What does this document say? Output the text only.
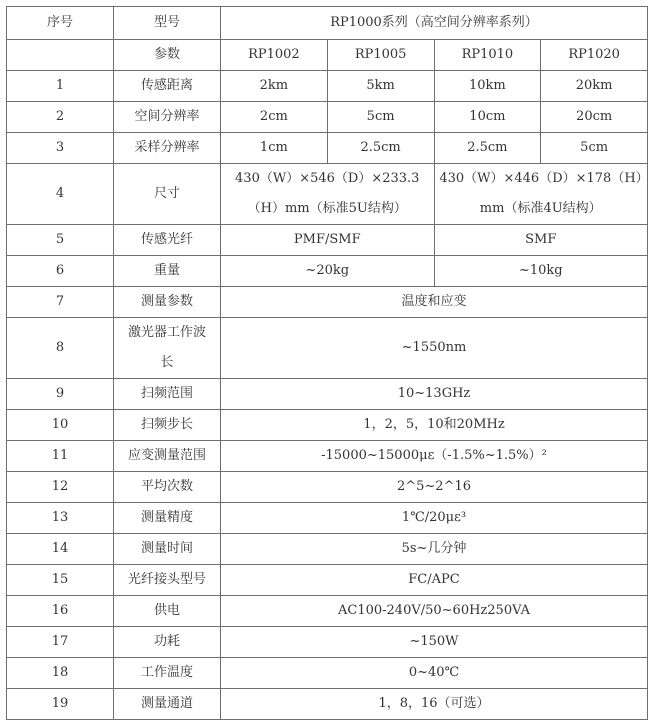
序号	型号	RP1000系列（高空间分辨率系列）			
	参数	RP1002	RP1005	RP1010	RP1020
1	传感距离	2km	5km	10km	20km
2	空间分辨率	2cm	5cm	10cm	20cm
3	采样分辨率	1cm	2.5cm	2.5cm	5cm
4	尺寸	430（W）×546（D）×233.3（H）mm（标准5U结构）		430（W）×446（D）×178（H）mm（标准4U结构）	
5	传感光纤	PMF/SMF		SMF	
6	重量	~20kg		~10kg	
7	测量参数	温度和应变			
8	激光器工作波长	~1550nm			
9	扫频范围	10~13GHz			
10	扫频步长	1，2，5，10和20MHz			
11	应变测量范围	-15000~15000με（-1.5%~1.5%）²			
12	平均次数	2^5~2^16			
13	测量精度	1℃/20με³			
14	测量时间	5s~几分钟			
15	光纤接头型号	FC/APC			
16	供电	AC100-240V/50~60Hz250VA			
17	功耗	~150W			
18	工作温度	0~40℃			
19	测量通道	1，8，16（可选）			
